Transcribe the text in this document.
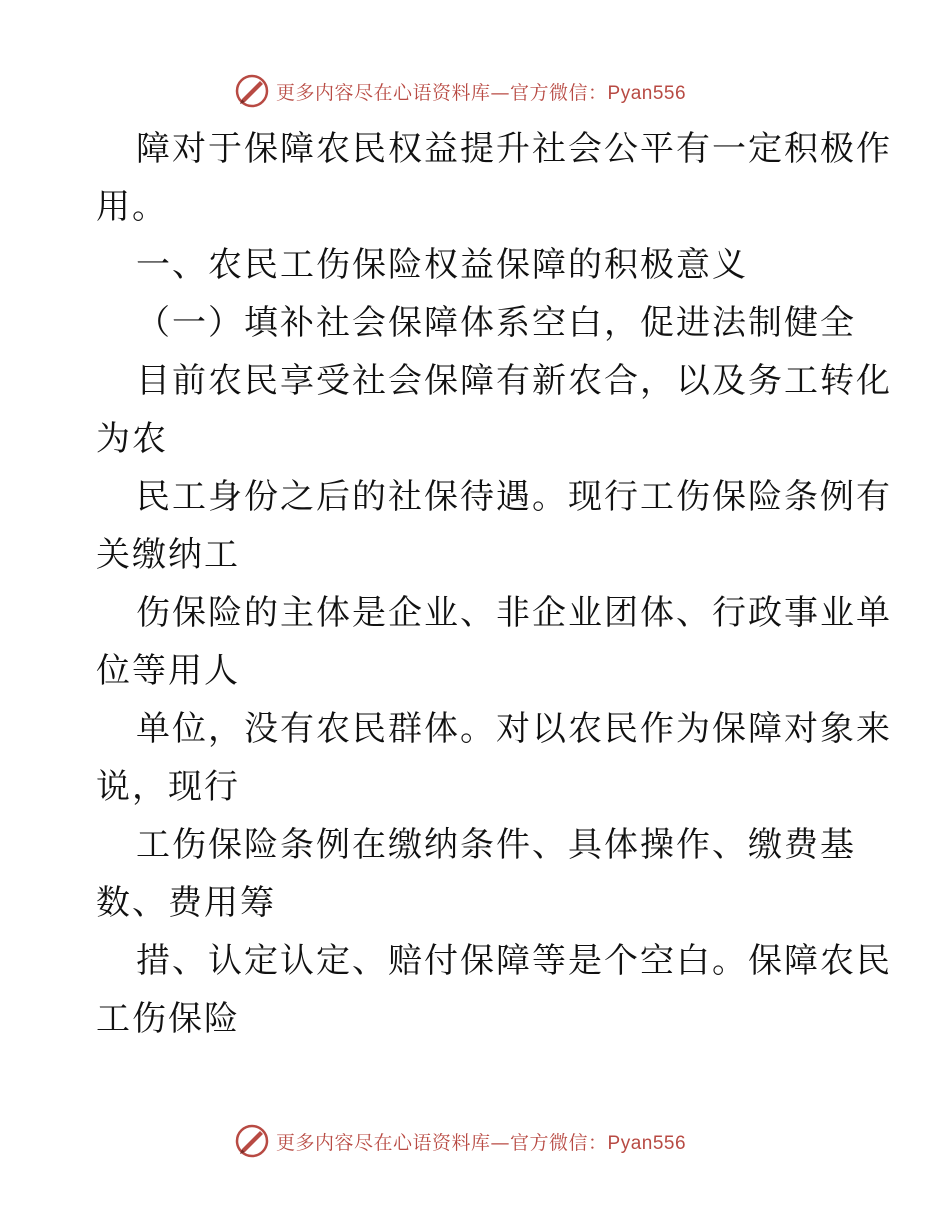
更多内容尽在心语资料库—官方微信：Pyan556
障对于保障农民权益提升社会公平有一定积极作
用。
一、农民工伤保险权益保障的积极意义
（一）填补社会保障体系空白，促进法制健全
目前农民享受社会保障有新农合，以及务工转化
为农
民工身份之后的社保待遇。现行工伤保险条例有
关缴纳工
伤保险的主体是企业、非企业团体、行政事业单
位等用人
单位，没有农民群体。对以农民作为保障对象来
说，现行
工伤保险条例在缴纳条件、具体操作、缴费基
数、费用筹
措、认定认定、赔付保障等是个空白。保障农民
工伤保险
更多内容尽在心语资料库—官方微信：Pyan556
